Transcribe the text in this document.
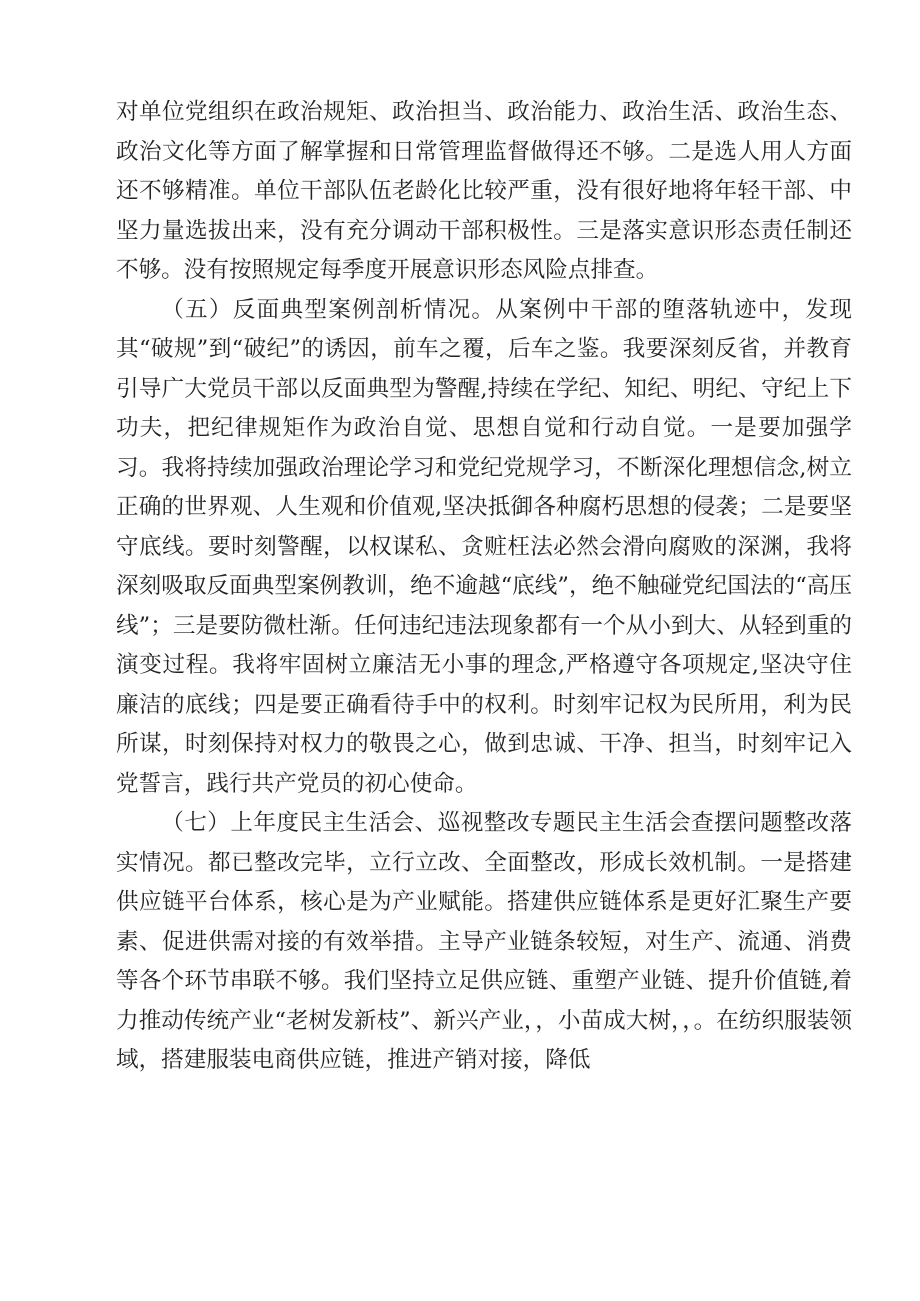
对单位党组织在政治规矩、政治担当、政治能力、政治生活、政治生态、政治文化等方面了解掌握和日常管理监督做得还不够。二是选人用人方面还不够精准。单位干部队伍老龄化比较严重，没有很好地将年轻干部、中坚力量选拔出来，没有充分调动干部积极性。三是落实意识形态责任制还不够。没有按照规定每季度开展意识形态风险点排查。

（五）反面典型案例剖析情况。从案例中干部的堕落轨迹中，发现其“破规”到“破纪”的诱因，前车之覆，后车之鉴。我要深刻反省，并教育引导广大党员干部以反面典型为警醒,持续在学纪、知纪、明纪、守纪上下功夫，把纪律规矩作为政治自觉、思想自觉和行动自觉。一是要加强学习。我将持续加强政治理论学习和党纪党规学习，不断深化理想信念,树立正确的世界观、人生观和价值观,坚决抵御各种腐朽思想的侵袭；二是要坚守底线。要时刻警醒，以权谋私、贪赃枉法必然会滑向腐败的深渊，我将深刻吸取反面典型案例教训，绝不逾越“底线”，绝不触碰党纪国法的“高压线”；三是要防微杜渐。任何违纪违法现象都有一个从小到大、从轻到重的演变过程。我将牢固树立廉洁无小事的理念,严格遵守各项规定,坚决守住廉洁的底线；四是要正确看待手中的权利。时刻牢记权为民所用，利为民所谋，时刻保持对权力的敬畏之心，做到忠诚、干净、担当，时刻牢记入党誓言，践行共产党员的初心使命。

（七）上年度民主生活会、巡视整改专题民主生活会查摆问题整改落实情况。都已整改完毕，立行立改、全面整改，形成长效机制。一是搭建供应链平台体系，核心是为产业赋能。搭建供应链体系是更好汇聚生产要素、促进供需对接的有效举措。主导产业链条较短，对生产、流通、消费等各个环节串联不够。我们坚持立足供应链、重塑产业链、提升价值链,着力推动传统产业“老树发新枝”、新兴产业，，小苗成大树，，。在纺织服装领域，搭建服装电商供应链，推进产销对接，降低
